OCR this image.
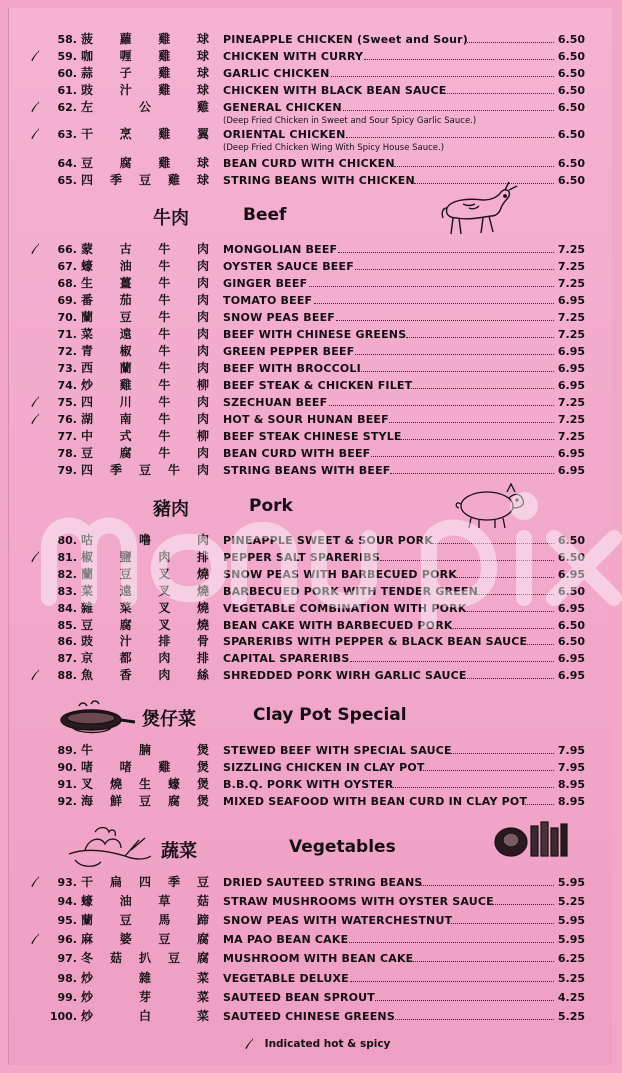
58. 菠 蘿 雞 球 PINEAPPLE CHICKEN (Sweet and Sour)	6.50
59. 咖 喱 雞 球 CHICKEN WITH CURRY	6.50
60. 蒜 子 雞 球 GARLIC CHICKEN	6.50
61. 豉 汁 雞 球 CHICKEN WITH BLACK BEAN SAUCE	6.50
62. 左	公	雞 GENERAL CHICKEN	6.50
(Deep Fried Chicken in Sweet and Sour Spicy Garlic Sauce.)
63. 干 烹 雞 翼 ORIENTAL CHICKEN	6.50
(Deep Fried Chicken Wing With Spicy House Sauce.)
64. 豆 腐 雞 球 BEAN CURD WITH CHICKEN	6.50
65. 四 季 豆 雞 球 STRING BEANS WITH CHICKEN	6.50
66. 蒙 古 牛 肉 MONGOLIAN BEEF	7.25
67. 蠔 油 牛 肉 OYSTER SAUCE BEEF	7.25
68. 生 薑 牛 肉 GINGER BEEF	7.25
69. 番 茄 牛 肉 TOMATO BEEF	6.95
70. 蘭 豆 牛 肉 SNOW PEAS BEEF	7.25
71. 菜 遠 牛 肉 BEEF WITH CHINESE GREENS	7.25
72. 青 椒 牛 肉 GREEN PEPPER BEEF	6.95
73. 西 蘭 牛 肉 BEEF WITH BROCCOLI	6.95
74. 炒 雞 牛 柳 BEEF STEAK & CHICKEN FILET	6.95
75. 四 川 牛 肉 SZECHUAN BEEF	7.25
76. 湖 南 牛 肉 HOT & SOUR HUNAN BEEF	7.25
77. 中 式 牛 柳 BEEF STEAK CHINESE STYLE	7.25
78. 豆 腐 牛 肉 BEAN CURD WITH BEEF	6.95
79. 四 季 豆 牛 肉 STRING BEANS WITH BEEF	6.95
80. 咕	噜	肉 PINEAPPLE SWEET & SOUR PORK	6.50
81. 椒 鹽 肉 排 PEPPER SALT SPARERIBS	6.50
82. 蘭 豆 叉 燒 SNOW PEAS WITH BARBECUED PORK	6.95
83. 菜 遠 叉 燒 BARBECUED PORK WITH TENDER GREEN	6.50
84. 雜 菜 叉 燒 VEGETABLE COMBINATION WITH PORK	6.95
85. 豆 腐 叉 燒 BEAN CAKE WITH BARBECUED PORK	6.50
86. 豉 汁 排 骨 SPARERIBS WITH PEPPER & BLACK BEAN SAUCE	6.50
87. 京 都 肉 排 CAPITAL SPARERIBS	6.95
88. 魚 香 肉 絲 SHREDDED PORK WIRH GARLIC SAUCE	6.95
89. 牛	腩	煲 STEWED BEEF WITH SPECIAL SAUCE	7.95
90. 啫 啫 雞 煲 SIZZLING CHICKEN IN CLAY POT	7.95
91. 叉 燒 生 蠔 煲 B.B.Q. PORK WITH OYSTER	8.95
92. 海 鮮 豆 腐 煲 MIXED SEAFOOD WITH BEAN CURD IN CLAY POT	8.95
93. 干 扁 四 季 豆 DRIED SAUTEED STRING BEANS	5.95
94. 蠔 油 草 菇 STRAW MUSHROOMS WITH OYSTER SAUCE	5.25
95. 蘭 豆 馬 蹄 SNOW PEAS WITH WATERCHESTNUT	5.95
96. 麻 婆 豆 腐 MA PAO BEAN CAKE	5.95
97. 冬 菇 扒 豆 腐 MUSHROOM WITH BEAN CAKE	6.25
98. 炒	雜	菜 VEGETABLE DELUXE	5.25
99. 炒	芽	菜 SAUTEED BEAN SPROUT	4.25
100. 炒	白	菜 SAUTEED CHINESE GREENS	5.25
牛肉	Beef
豬肉	Pork
煲仔菜	Clay Pot Special
蔬菜	Vegetables
Indicated hot & spicy
